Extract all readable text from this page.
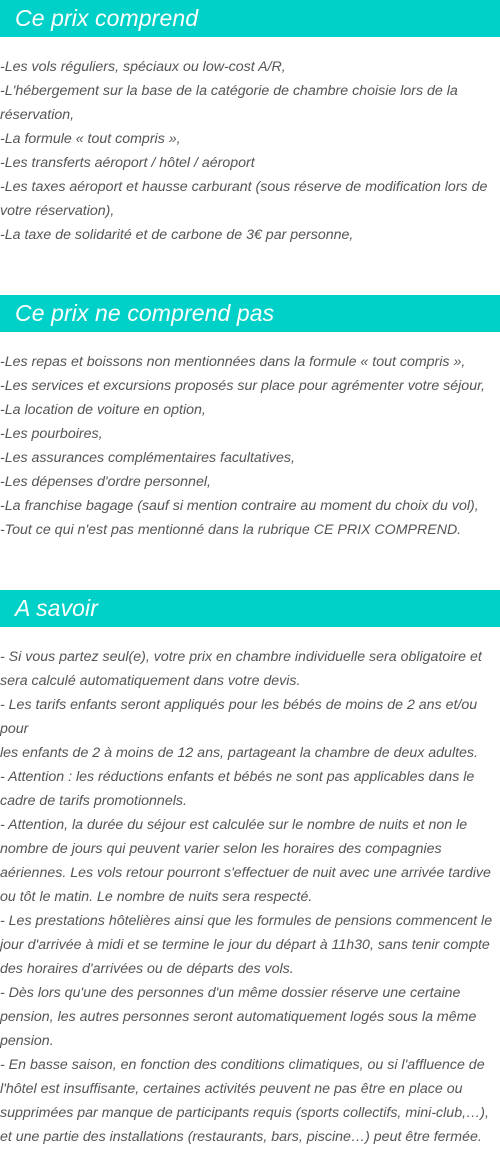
Ce prix comprend

-Les vols réguliers, spéciaux ou low-cost A/R,

-L'hébergement sur la base de la catégorie de chambre choisie lors de la

réservation,

-La formule « tout compris »,

-Les transferts aéroport / hôtel / aéroport

-Les taxes aéroport et hausse carburant (sous réserve de modification lors de

votre réservation),

-La taxe de solidarité et de carbone de 3€ par personne,

Ce prix ne comprend pas

-Les repas et boissons non mentionnées dans la formule « tout compris »,

-Les services et excursions proposés sur place pour agrémenter votre séjour,

-La location de voiture en option,

-Les pourboires,

-Les assurances complémentaires facultatives,

-Les dépenses d'ordre personnel,

-La franchise bagage (sauf si mention contraire au moment du choix du vol),

-Tout ce qui n'est pas mentionné dans la rubrique CE PRIX COMPREND.

A savoir

- Si vous partez seul(e), votre prix en chambre individuelle sera obligatoire et

sera calculé automatiquement dans votre devis.

- Les tarifs enfants seront appliqués pour les bébés de moins de 2 ans et/ou pour

les enfants de 2 à moins de 12 ans, partageant la chambre de deux adultes.

- Attention : les réductions enfants et bébés ne sont pas applicables dans le

cadre de tarifs promotionnels.

- Attention, la durée du séjour est calculée sur le nombre de nuits et non le

nombre de jours qui peuvent varier selon les horaires des compagnies

aériennes. Les vols retour pourront s'effectuer de nuit avec une arrivée tardive

ou tôt le matin. Le nombre de nuits sera respecté.

- Les prestations hôtelières ainsi que les formules de pensions commencent le

jour d'arrivée à midi et se termine le jour du départ à 11h30, sans tenir compte

des horaires d'arrivées ou de départs des vols.

- Dès lors qu'une des personnes d'un même dossier réserve une certaine

pension, les autres personnes seront automatiquement logés sous la même

pension.

- En basse saison, en fonction des conditions climatiques, ou si l'affluence de

l'hôtel est insuffisante, certaines activités peuvent ne pas être en place ou

supprimées par manque de participants requis (sports collectifs, mini-club,…),

et une partie des installations (restaurants, bars, piscine…) peut être fermée.
